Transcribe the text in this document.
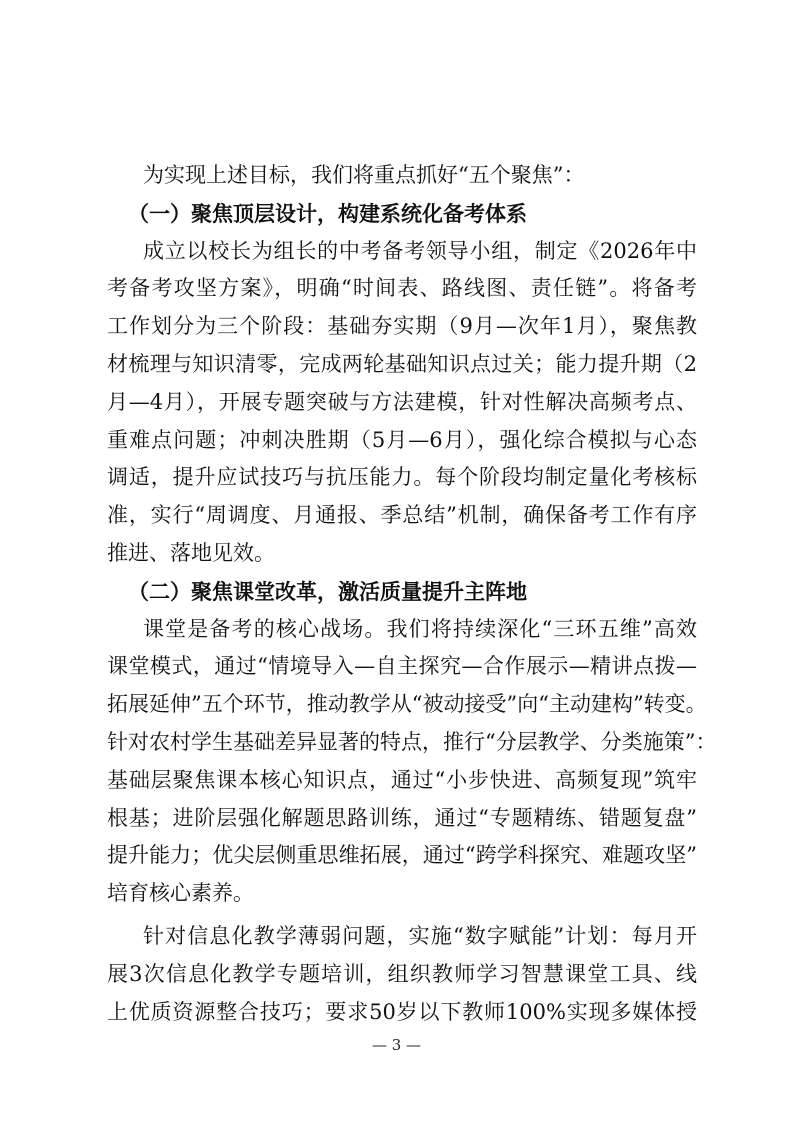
为实现上述目标，我们将重点抓好“五个聚焦”：
（一）聚焦顶层设计，构建系统化备考体系
成立以校长为组长的中考备考领导小组，制定《2026年中
考备考攻坚方案》，明确“时间表、路线图、责任链”。将备考
工作划分为三个阶段：基础夯实期（9月—次年1月），聚焦教
材梳理与知识清零，完成两轮基础知识点过关；能力提升期（2
月—4月），开展专题突破与方法建模，针对性解决高频考点、
重难点问题；冲刺决胜期（5月—6月），强化综合模拟与心态
调适，提升应试技巧与抗压能力。每个阶段均制定量化考核标
准，实行“周调度、月通报、季总结”机制，确保备考工作有序
推进、落地见效。
（二）聚焦课堂改革，激活质量提升主阵地
课堂是备考的核心战场。我们将持续深化“三环五维”高效
课堂模式，通过“情境导入—自主探究—合作展示—精讲点拨—
拓展延伸”五个环节，推动教学从“被动接受”向“主动建构”转变。
针对农村学生基础差异显著的特点，推行“分层教学、分类施策”：
基础层聚焦课本核心知识点，通过“小步快进、高频复现”筑牢
根基；进阶层强化解题思路训练，通过“专题精练、错题复盘”
提升能力；优尖层侧重思维拓展，通过“跨学科探究、难题攻坚”
培育核心素养。
针对信息化教学薄弱问题，实施“数字赋能”计划：每月开
展3次信息化教学专题培训，组织教师学习智慧课堂工具、线
上优质资源整合技巧；要求50岁以下教师100%实现多媒体授
— 3 —
